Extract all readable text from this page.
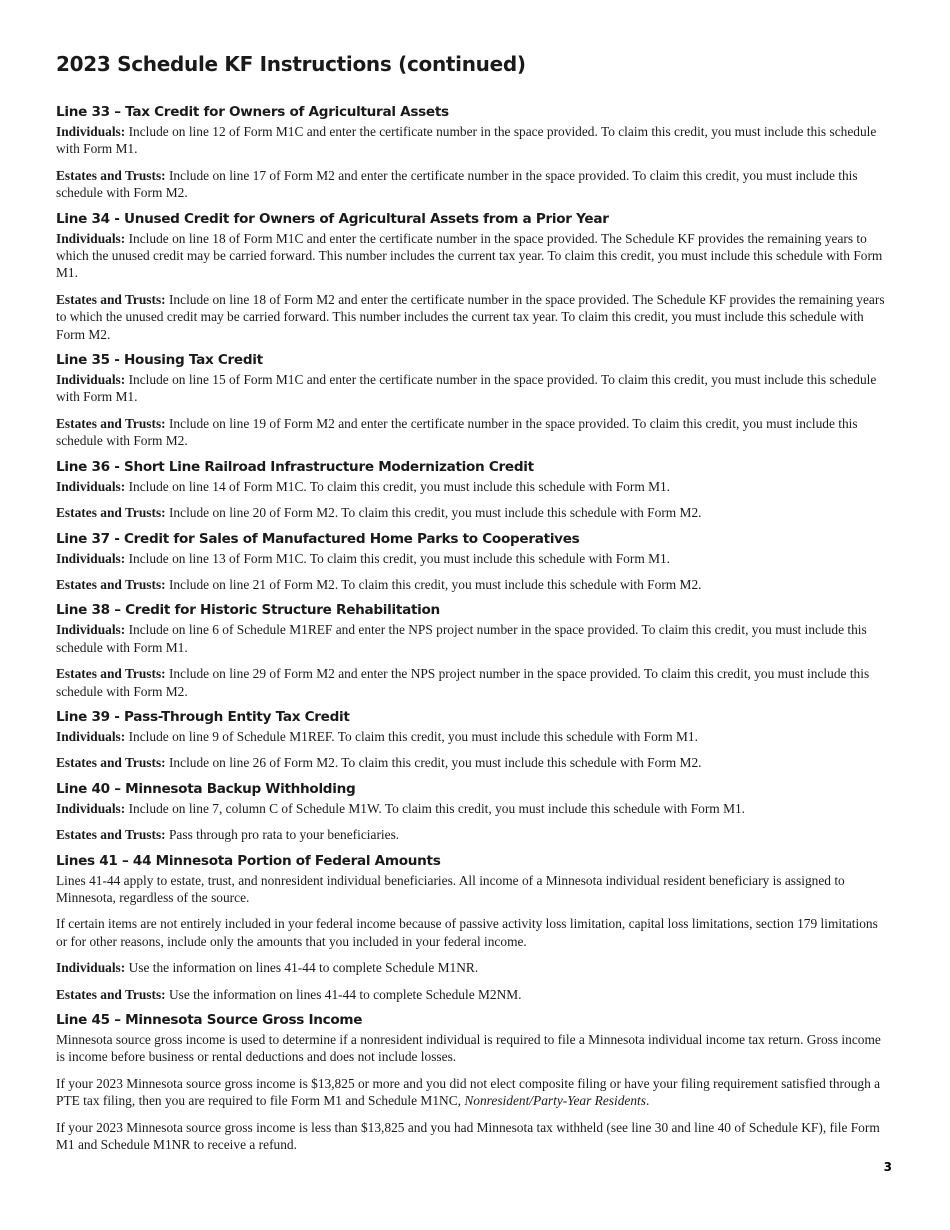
2023 Schedule KF Instructions (continued)
Line 33 – Tax Credit for Owners of Agricultural Assets

Individuals: Include on line 12 of Form M1C and enter the certificate number in the space provided. To claim this credit, you must include this schedule with Form M1.

Estates and Trusts: Include on line 17 of Form M2 and enter the certificate number in the space provided. To claim this credit, you must include this schedule with Form M2.

Line 34 - Unused Credit for Owners of Agricultural Assets from a Prior Year

Individuals: Include on line 18 of Form M1C and enter the certificate number in the space provided. The Schedule KF provides the remaining years to which the unused credit may be carried forward. This number includes the current tax year. To claim this credit, you must include this schedule with Form M1.

Estates and Trusts: Include on line 18 of Form M2 and enter the certificate number in the space provided. The Schedule KF provides the remaining years to which the unused credit may be carried forward. This number includes the current tax year. To claim this credit, you must include this schedule with Form M2.

Line 35 - Housing Tax Credit

Individuals: Include on line 15 of Form M1C and enter the certificate number in the space provided. To claim this credit, you must include this schedule with Form M1.

Estates and Trusts: Include on line 19 of Form M2 and enter the certificate number in the space provided. To claim this credit, you must include this schedule with Form M2.

Line 36 - Short Line Railroad Infrastructure Modernization Credit

Individuals: Include on line 14 of Form M1C. To claim this credit, you must include this schedule with Form M1.

Estates and Trusts: Include on line 20 of Form M2. To claim this credit, you must include this schedule with Form M2.

Line 37 - Credit for Sales of Manufactured Home Parks to Cooperatives

Individuals: Include on line 13 of Form M1C. To claim this credit, you must include this schedule with Form M1.

Estates and Trusts: Include on line 21 of Form M2. To claim this credit, you must include this schedule with Form M2.

Line 38 – Credit for Historic Structure Rehabilitation

Individuals: Include on line 6 of Schedule M1REF and enter the NPS project number in the space provided. To claim this credit, you must include this schedule with Form M1.

Estates and Trusts: Include on line 29 of Form M2 and enter the NPS project number in the space provided. To claim this credit, you must include this schedule with Form M2.

Line 39 - Pass-Through Entity Tax Credit

Individuals: Include on line 9 of Schedule M1REF. To claim this credit, you must include this schedule with Form M1.

Estates and Trusts: Include on line 26 of Form M2. To claim this credit, you must include this schedule with Form M2.

Line 40 – Minnesota Backup Withholding

Individuals: Include on line 7, column C of Schedule M1W. To claim this credit, you must include this schedule with Form M1.

Estates and Trusts: Pass through pro rata to your beneficiaries.

Lines 41 – 44 Minnesota Portion of Federal Amounts

Lines 41-44 apply to estate, trust, and nonresident individual beneficiaries. All income of a Minnesota individual resident beneficiary is assigned to Minnesota, regardless of the source.

If certain items are not entirely included in your federal income because of passive activity loss limitation, capital loss limitations, section 179 limitations or for other reasons, include only the amounts that you included in your federal income.

Individuals: Use the information on lines 41-44 to complete Schedule M1NR.

Estates and Trusts: Use the information on lines 41-44 to complete Schedule M2NM.

Line 45 – Minnesota Source Gross Income

Minnesota source gross income is used to determine if a nonresident individual is required to file a Minnesota individual income tax return. Gross income is income before business or rental deductions and does not include losses.

If your 2023 Minnesota source gross income is $13,825 or more and you did not elect composite filing or have your filing requirement satisfied through a PTE tax filing, then you are required to file Form M1 and Schedule M1NC, Nonresident/Party-Year Residents.

If your 2023 Minnesota source gross income is less than $13,825 and you had Minnesota tax withheld (see line 30 and line 40 of Schedule KF), file Form M1 and Schedule M1NR to receive a refund.

3
